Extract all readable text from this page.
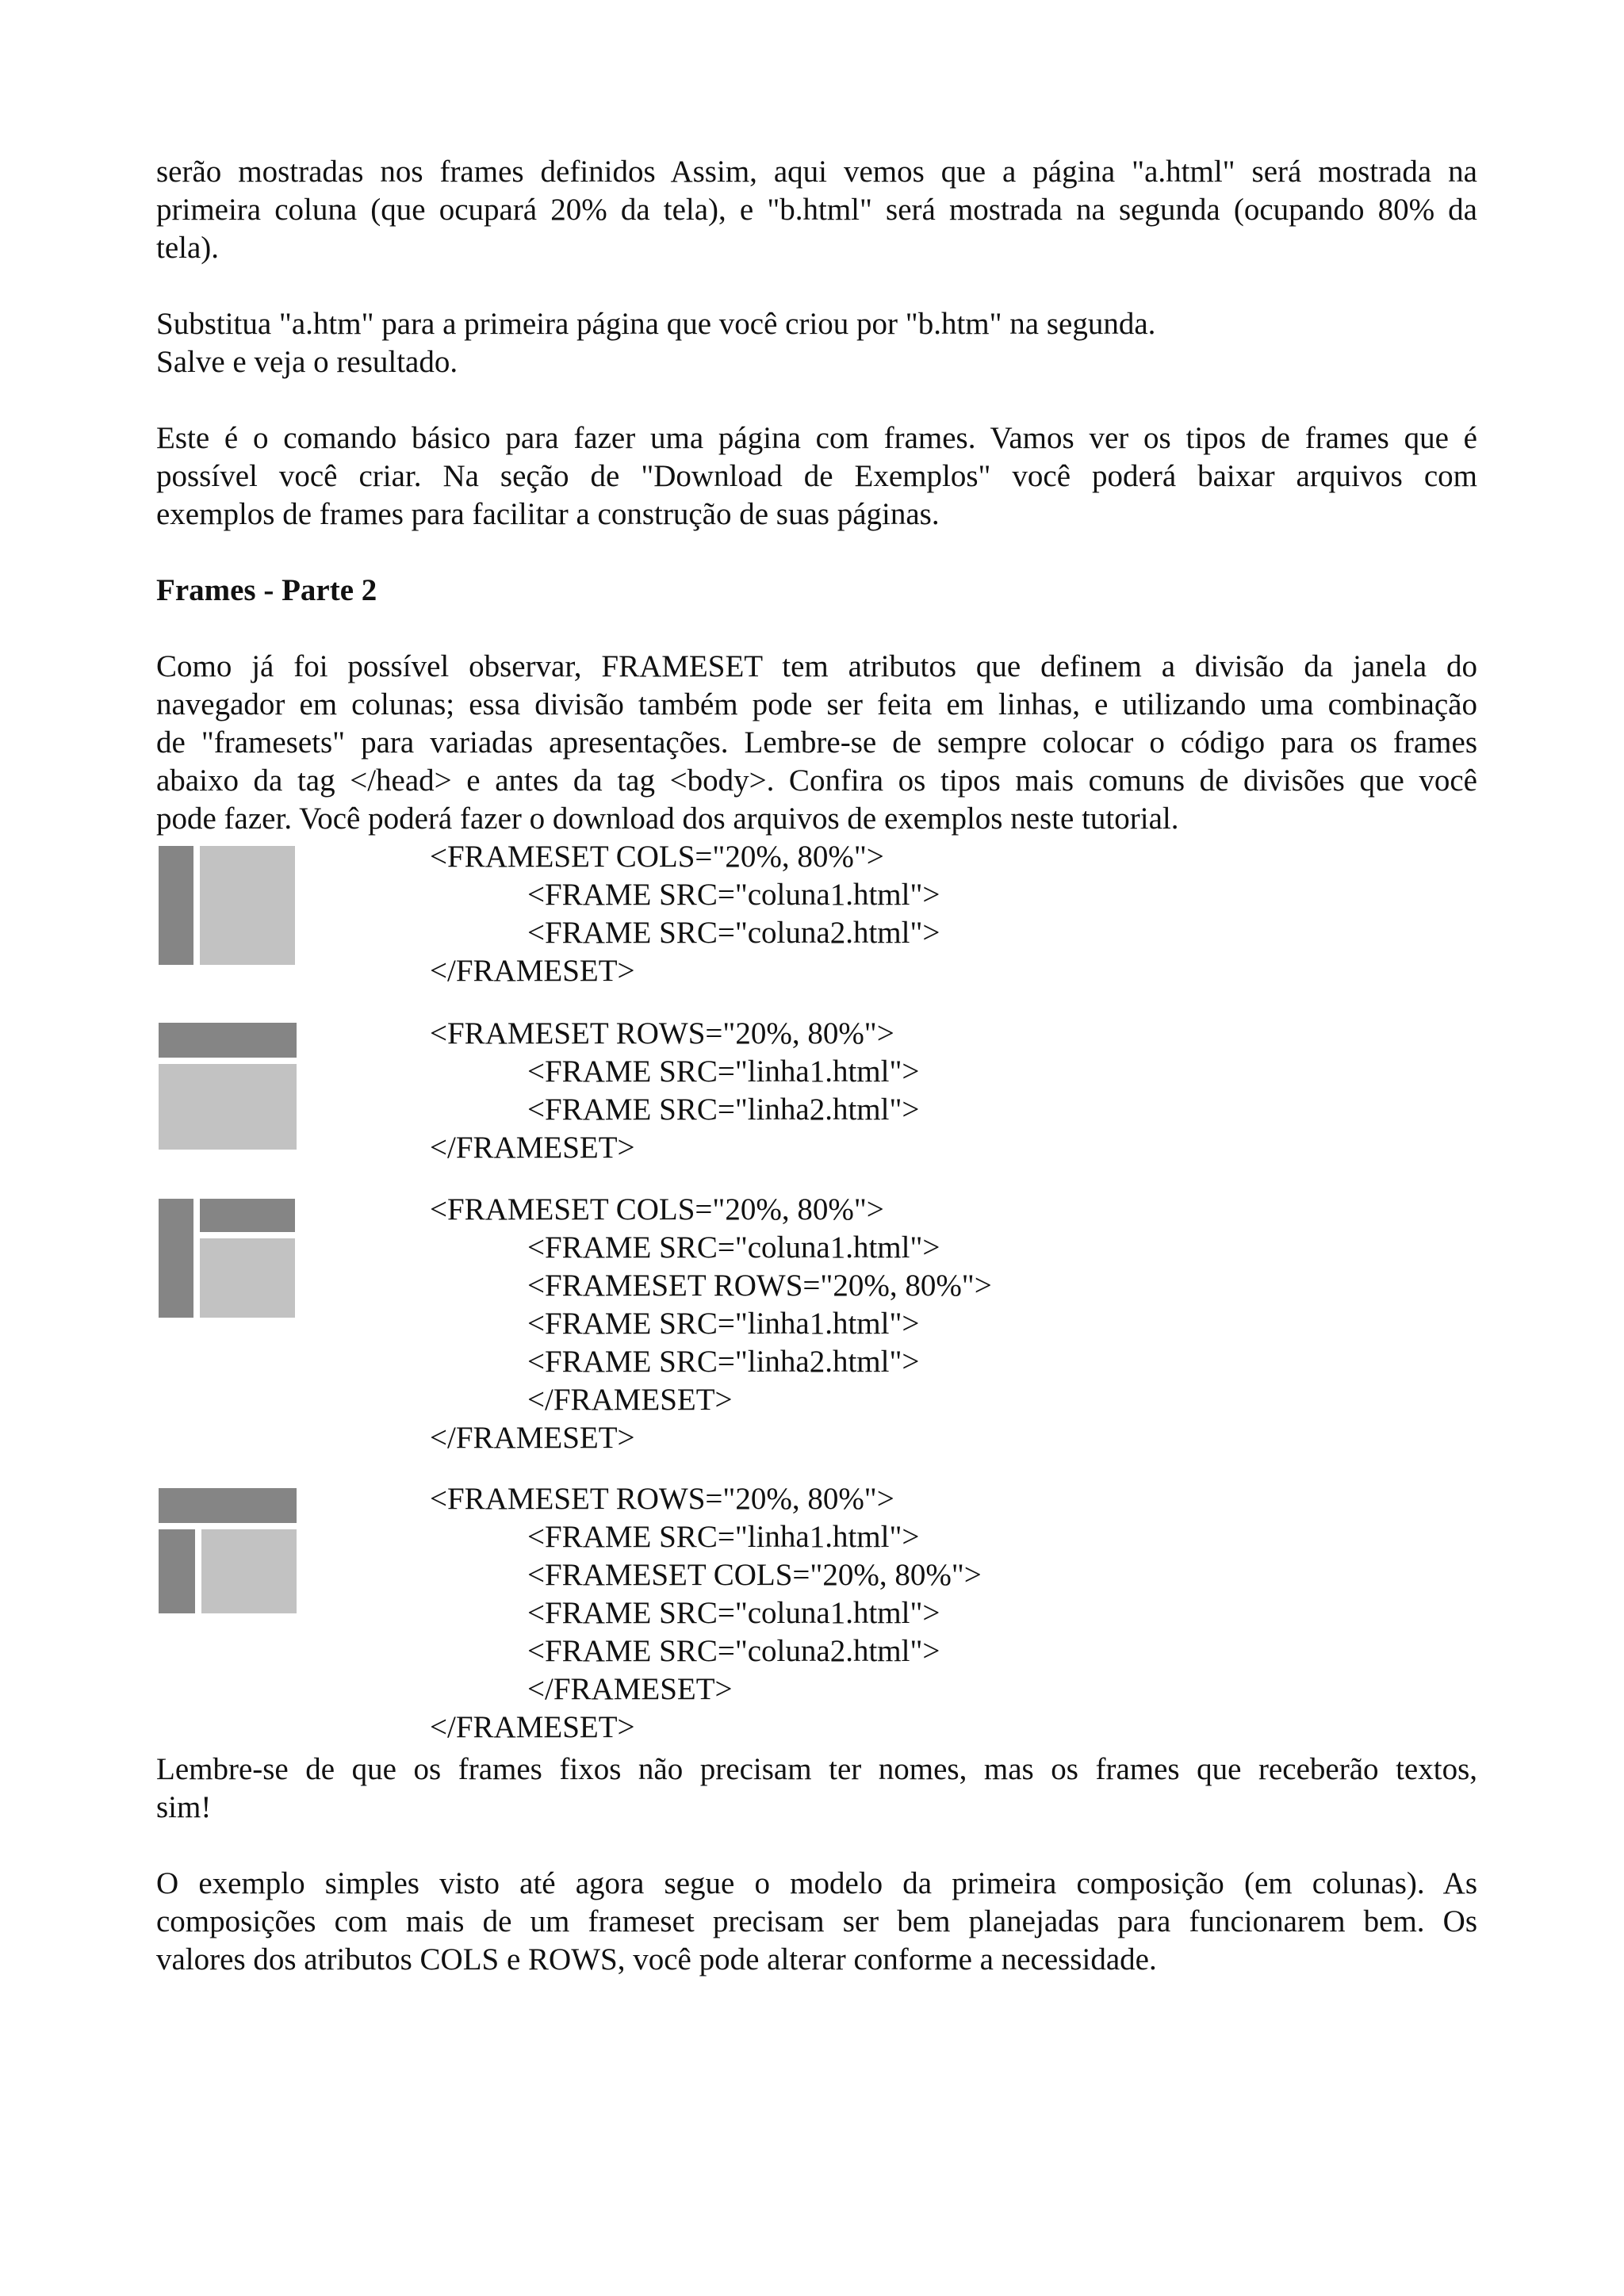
serão mostradas nos frames definidos Assim, aqui vemos que a página "a.html" será mostrada na
primeira coluna (que ocupará 20% da tela), e "b.html" será mostrada na segunda (ocupando 80% da
tela).

Substitua "a.htm" para a primeira página que você criou por "b.htm" na segunda.
Salve e veja o resultado.

Este é o comando básico para fazer uma página com frames. Vamos ver os tipos de frames que é
possível você criar. Na seção de "Download de Exemplos" você poderá baixar arquivos com
exemplos de frames para facilitar a construção de suas páginas.

Frames - Parte 2

Como já foi possível observar, FRAMESET tem atributos que definem a divisão da janela do
navegador em colunas; essa divisão também pode ser feita em linhas, e utilizando uma combinação
de "framesets" para variadas apresentações. Lembre-se de sempre colocar o código para os frames
abaixo da tag </head> e antes da tag <body>. Confira os tipos mais comuns de divisões que você
pode fazer. Você poderá fazer o download dos arquivos de exemplos neste tutorial.

<FRAMESET COLS="20%, 80%">
<FRAME SRC="coluna1.html">
<FRAME SRC="coluna2.html">
</FRAMESET>
<FRAMESET ROWS="20%, 80%">
<FRAME SRC="linha1.html">
<FRAME SRC="linha2.html">
</FRAMESET>
<FRAMESET COLS="20%, 80%">
<FRAME SRC="coluna1.html">
<FRAMESET ROWS="20%, 80%">
<FRAME SRC="linha1.html">
<FRAME SRC="linha2.html">
</FRAMESET>
</FRAMESET>
<FRAMESET ROWS="20%, 80%">
<FRAME SRC="linha1.html">
<FRAMESET COLS="20%, 80%">
<FRAME SRC="coluna1.html">
<FRAME SRC="coluna2.html">
</FRAMESET>
</FRAMESET>

Lembre-se de que os frames fixos não precisam ter nomes, mas os frames que receberão textos,
sim!

O exemplo simples visto até agora segue o modelo da primeira composição (em colunas). As
composições com mais de um frameset precisam ser bem planejadas para funcionarem bem. Os
valores dos atributos COLS e ROWS, você pode alterar conforme a necessidade.
